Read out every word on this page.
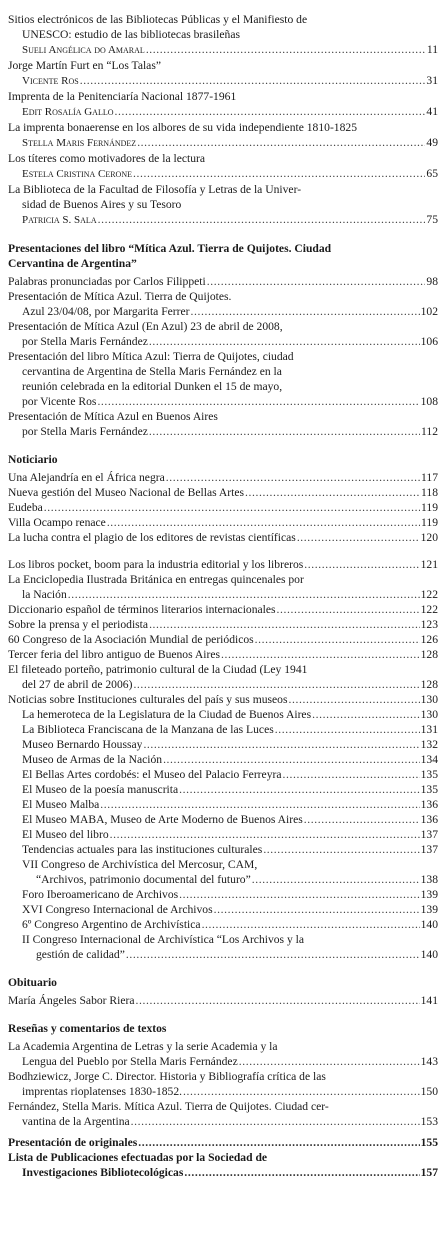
Sitios electrónicos de las Bibliotecas Públicas y el Manifiesto de
UNESCO: estudio de las bibliotecas brasileñas
Sueli Angélica do Amaral .....	11
Jorge Martín Furt en “Los Talas”
Vicente Ros .....	31
Imprenta de la Penitenciaría Nacional 1877-1961
Edit Rosalía Gallo .....	41
La imprenta bonaerense en los albores de su vida independiente 1810-1825
Stella Maris Fernández .....	49
Los títeres como motivadores de la lectura
Estela Cristina Cerone .....	65
La Biblioteca de la Facultad de Filosofía y Letras de la Univer-
sidad de Buenos Aires y su Tesoro
Patricia S. Sala .....	75
Presentaciones del libro “Mítica Azul. Tierra de Quijotes. Ciudad
Cervantina de Argentina”
Palabras pronunciadas por Carlos Filippeti .....	98
Presentación de Mítica Azul. Tierra de Quijotes.
Azul 23/04/08, por Margarita Ferrer .....	102
Presentación de Mítica Azul (En Azul) 23 de abril de 2008,
por Stella Maris Fernández .....	106
Presentación del libro Mítica Azul: Tierra de Quijotes, ciudad
cervantina de Argentina de Stella Maris Fernández en la
reunión celebrada en la editorial Dunken el 15 de mayo,
por Vicente Ros .....	108
Presentación de Mítica Azul en Buenos Aires
por Stella Maris Fernández .....	112
Noticiario
Una Alejandría en el África negra .....	117
Nueva gestión del Museo Nacional de Bellas Artes .....	118
Eudeba .....	119
Villa Ocampo renace .....	119
La lucha contra el plagio de los editores de revistas científicas .....	120
Los libros pocket, boom para la industria editorial y los libreros .....	121
La Enciclopedia Ilustrada Británica en entregas quincenales por
la Nación .....	122
Diccionario español de términos literarios internacionales .....	122
Sobre la prensa y el periodista .....	123
60 Congreso de la Asociación Mundial de periódicos .....	126
Tercer feria del libro antiguo de Buenos Aires .....	128
El fileteado porteño, patrimonio cultural de la Ciudad (Ley 1941
del 27 de abril de 2006) .....	128
Noticias sobre Instituciones culturales del país y sus museos .....	130
La hemeroteca de la Legislatura de la Ciudad de Buenos Aires .....	130
La Biblioteca Franciscana de la Manzana de las Luces .....	131
Museo Bernardo Houssay .....	132
Museo de Armas de la Nación .....	134
El Bellas Artes cordobés: el Museo del Palacio Ferreyra .....	135
El Museo de la poesía manuscrita .....	135
El Museo Malba .....	136
El Museo MABA, Museo de Arte Moderno de Buenos Aires .....	136
El Museo del libro .....	137
Tendencias actuales para las instituciones culturales .....	137
VII Congreso de Archivística del Mercosur, CAM,
“Archivos, patrimonio documental del futuro” .....	138
Foro Iberoamericano de Archivos .....	139
XVI Congreso Internacional de Archivos .....	139
6º Congreso Argentino de Archivística .....	140
II Congreso Internacional de Archivística “Los Archivos y la
gestión de calidad” .....	140
Obituario
María Ángeles Sabor Riera .....	141
Reseñas y comentarios de textos
La Academia Argentina de Letras y la serie Academia y la
Lengua del Pueblo por Stella Maris Fernández .....	143
Bodhziewicz, Jorge C. Director. Historia y Bibliografía crítica de las
imprentas rioplatenses 1830-1852. .....	150
Fernández, Stella Maris. Mítica Azul. Tierra de Quijotes. Ciudad cer-
vantina de la Argentina .....	153
Presentación de originales .....	155
Lista de Publicaciones efectuadas por la Sociedad de
Investigaciones Bibliotecológicas .....	157
